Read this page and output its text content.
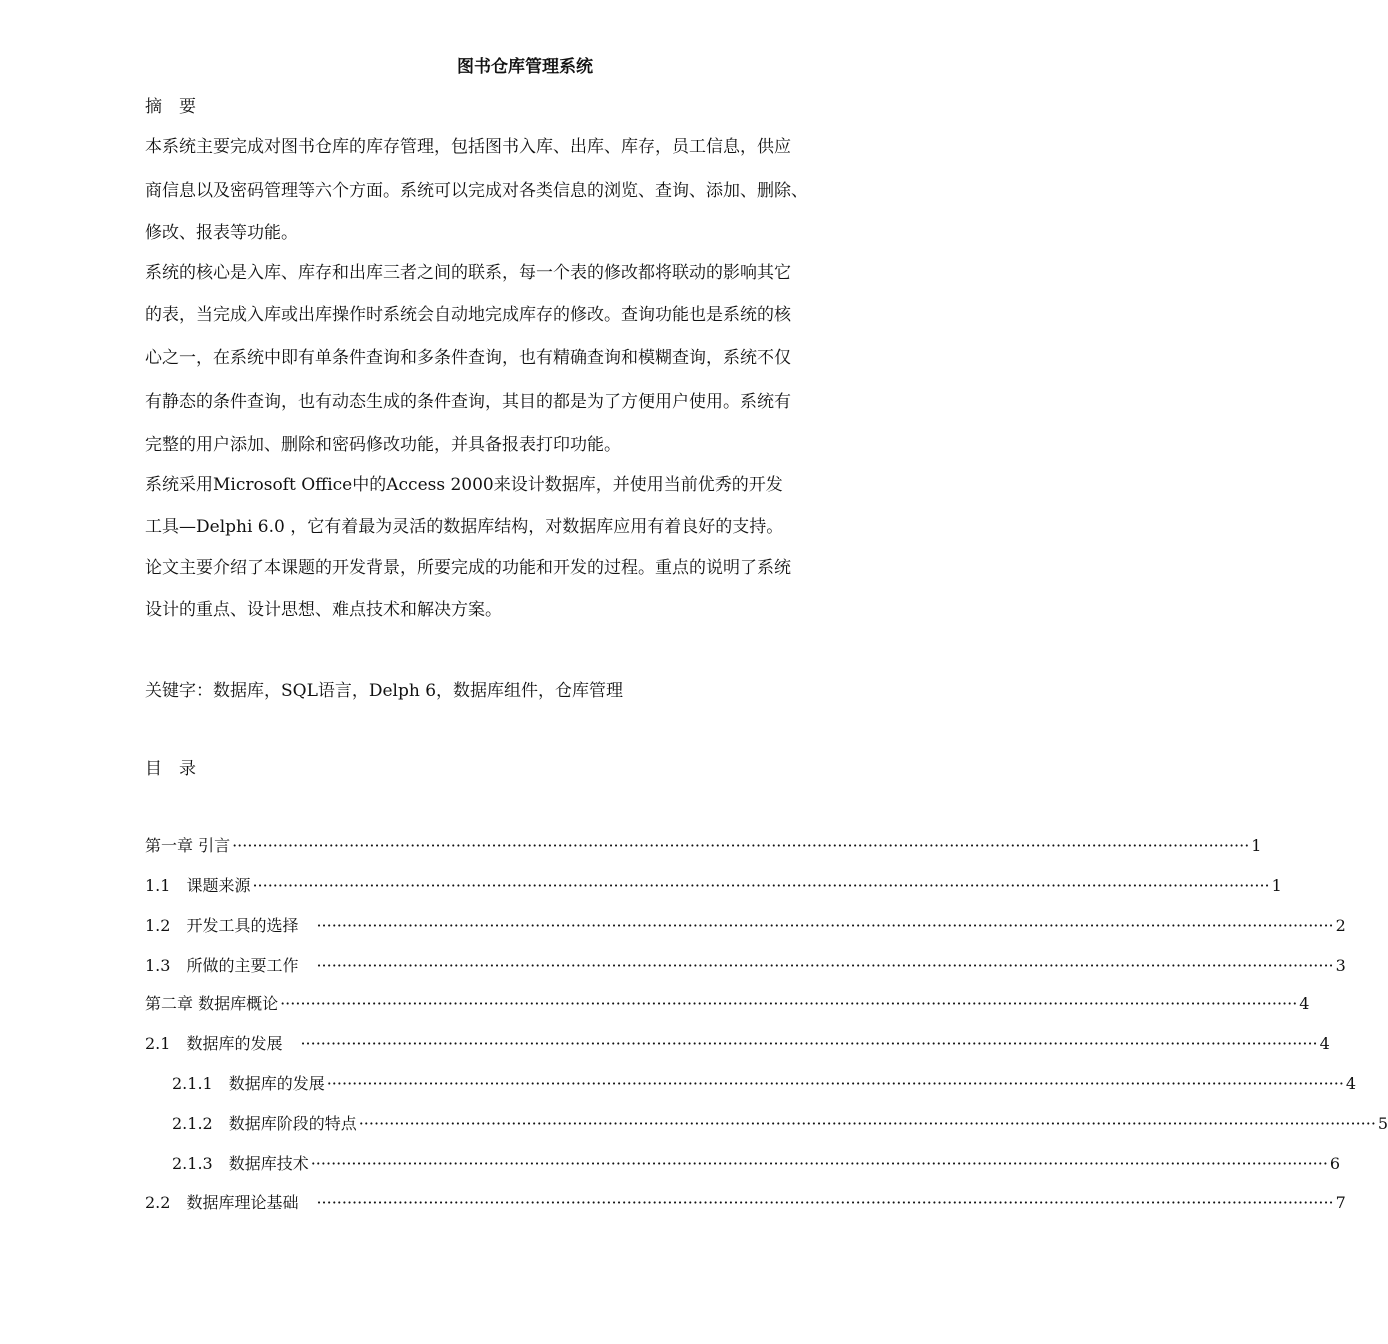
图书仓库管理系统
摘　要
本系统主要完成对图书仓库的库存管理，包括图书入库、出库、库存，员工信息，供应
商信息以及密码管理等六个方面。系统可以完成对各类信息的浏览、查询、添加、删除、
修改、报表等功能。
系统的核心是入库、库存和出库三者之间的联系，每一个表的修改都将联动的影响其它
的表，当完成入库或出库操作时系统会自动地完成库存的修改。查询功能也是系统的核
心之一，在系统中即有单条件查询和多条件查询，也有精确查询和模糊查询，系统不仅
有静态的条件查询，也有动态生成的条件查询，其目的都是为了方便用户使用。系统有
完整的用户添加、删除和密码修改功能，并具备报表打印功能。
系统采用Microsoft Office中的Access 2000来设计数据库，并使用当前优秀的开发
工具—Delphi 6.0 ，它有着最为灵活的数据库结构，对数据库应用有着良好的支持。
论文主要介绍了本课题的开发背景，所要完成的功能和开发的过程。重点的说明了系统
设计的重点、设计思想、难点技术和解决方案。
关键字：数据库，SQL语言，Delph 6，数据库组件，仓库管理
目　录
第一章 引言 ········································································································································································································ 1
1.1　课题来源 ········································································································································································································ 1
1.2　开发工具的选择　 ········································································································································································································ 2
1.3　所做的主要工作　 ········································································································································································································ 3
第二章 数据库概论 ········································································································································································································ 4
2.1　数据库的发展　 ········································································································································································································ 4
2.1.1　数据库的发展 ········································································································································································································ 4
2.1.2　数据库阶段的特点 ········································································································································································································ 5
2.1.3　数据库技术 ········································································································································································································ 6
2.2　数据库理论基础　 ········································································································································································································ 7
